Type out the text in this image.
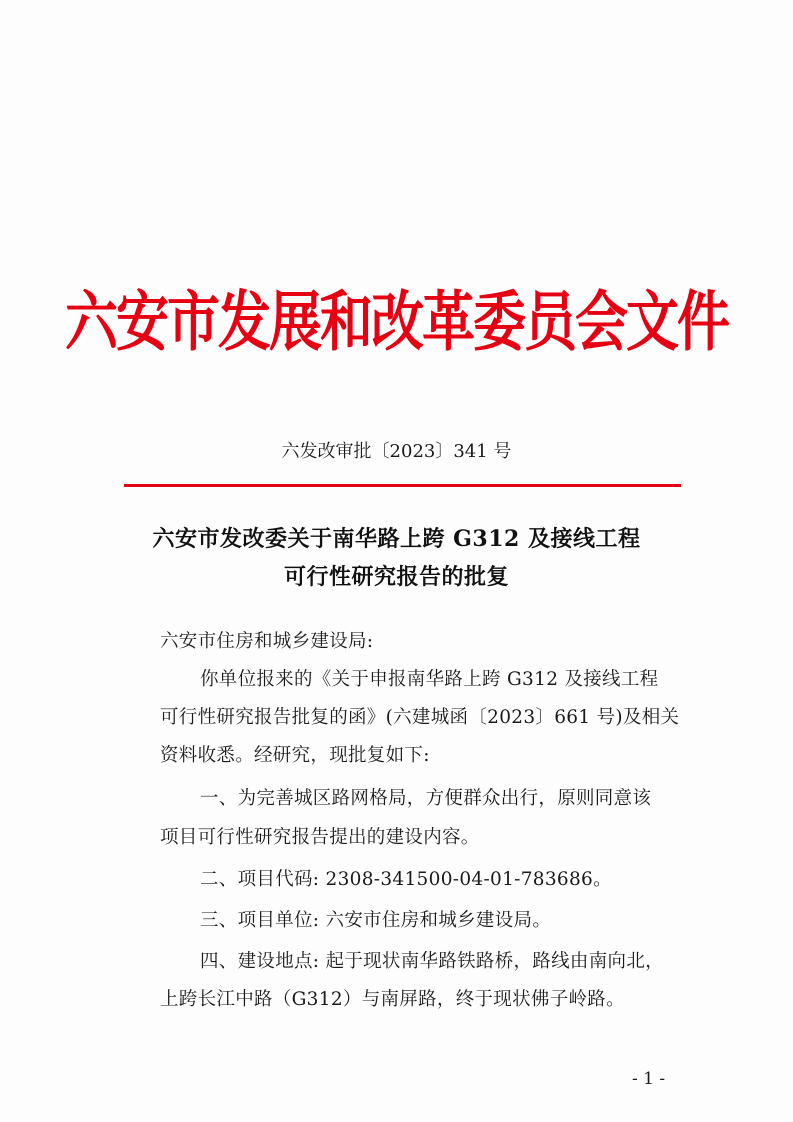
六安市发展和改革委员会文件
六发改审批〔2023〕341 号
六安市发改委关于南华路上跨 G312 及接线工程
可行性研究报告的批复
六安市住房和城乡建设局:
你单位报来的《关于申报南华路上跨 G312 及接线工程
可行性研究报告批复的函》(六建城函〔2023〕661 号)及相关
资料收悉。经研究，现批复如下:
一、为完善城区路网格局，方便群众出行，原则同意该
项目可行性研究报告提出的建设内容。
二、项目代码: 2308-341500-04-01-783686。
三、项目单位: 六安市住房和城乡建设局。
四、建设地点: 起于现状南华路铁路桥，路线由南向北，
上跨长江中路（G312）与南屏路，终于现状佛子岭路。
- 1 -
